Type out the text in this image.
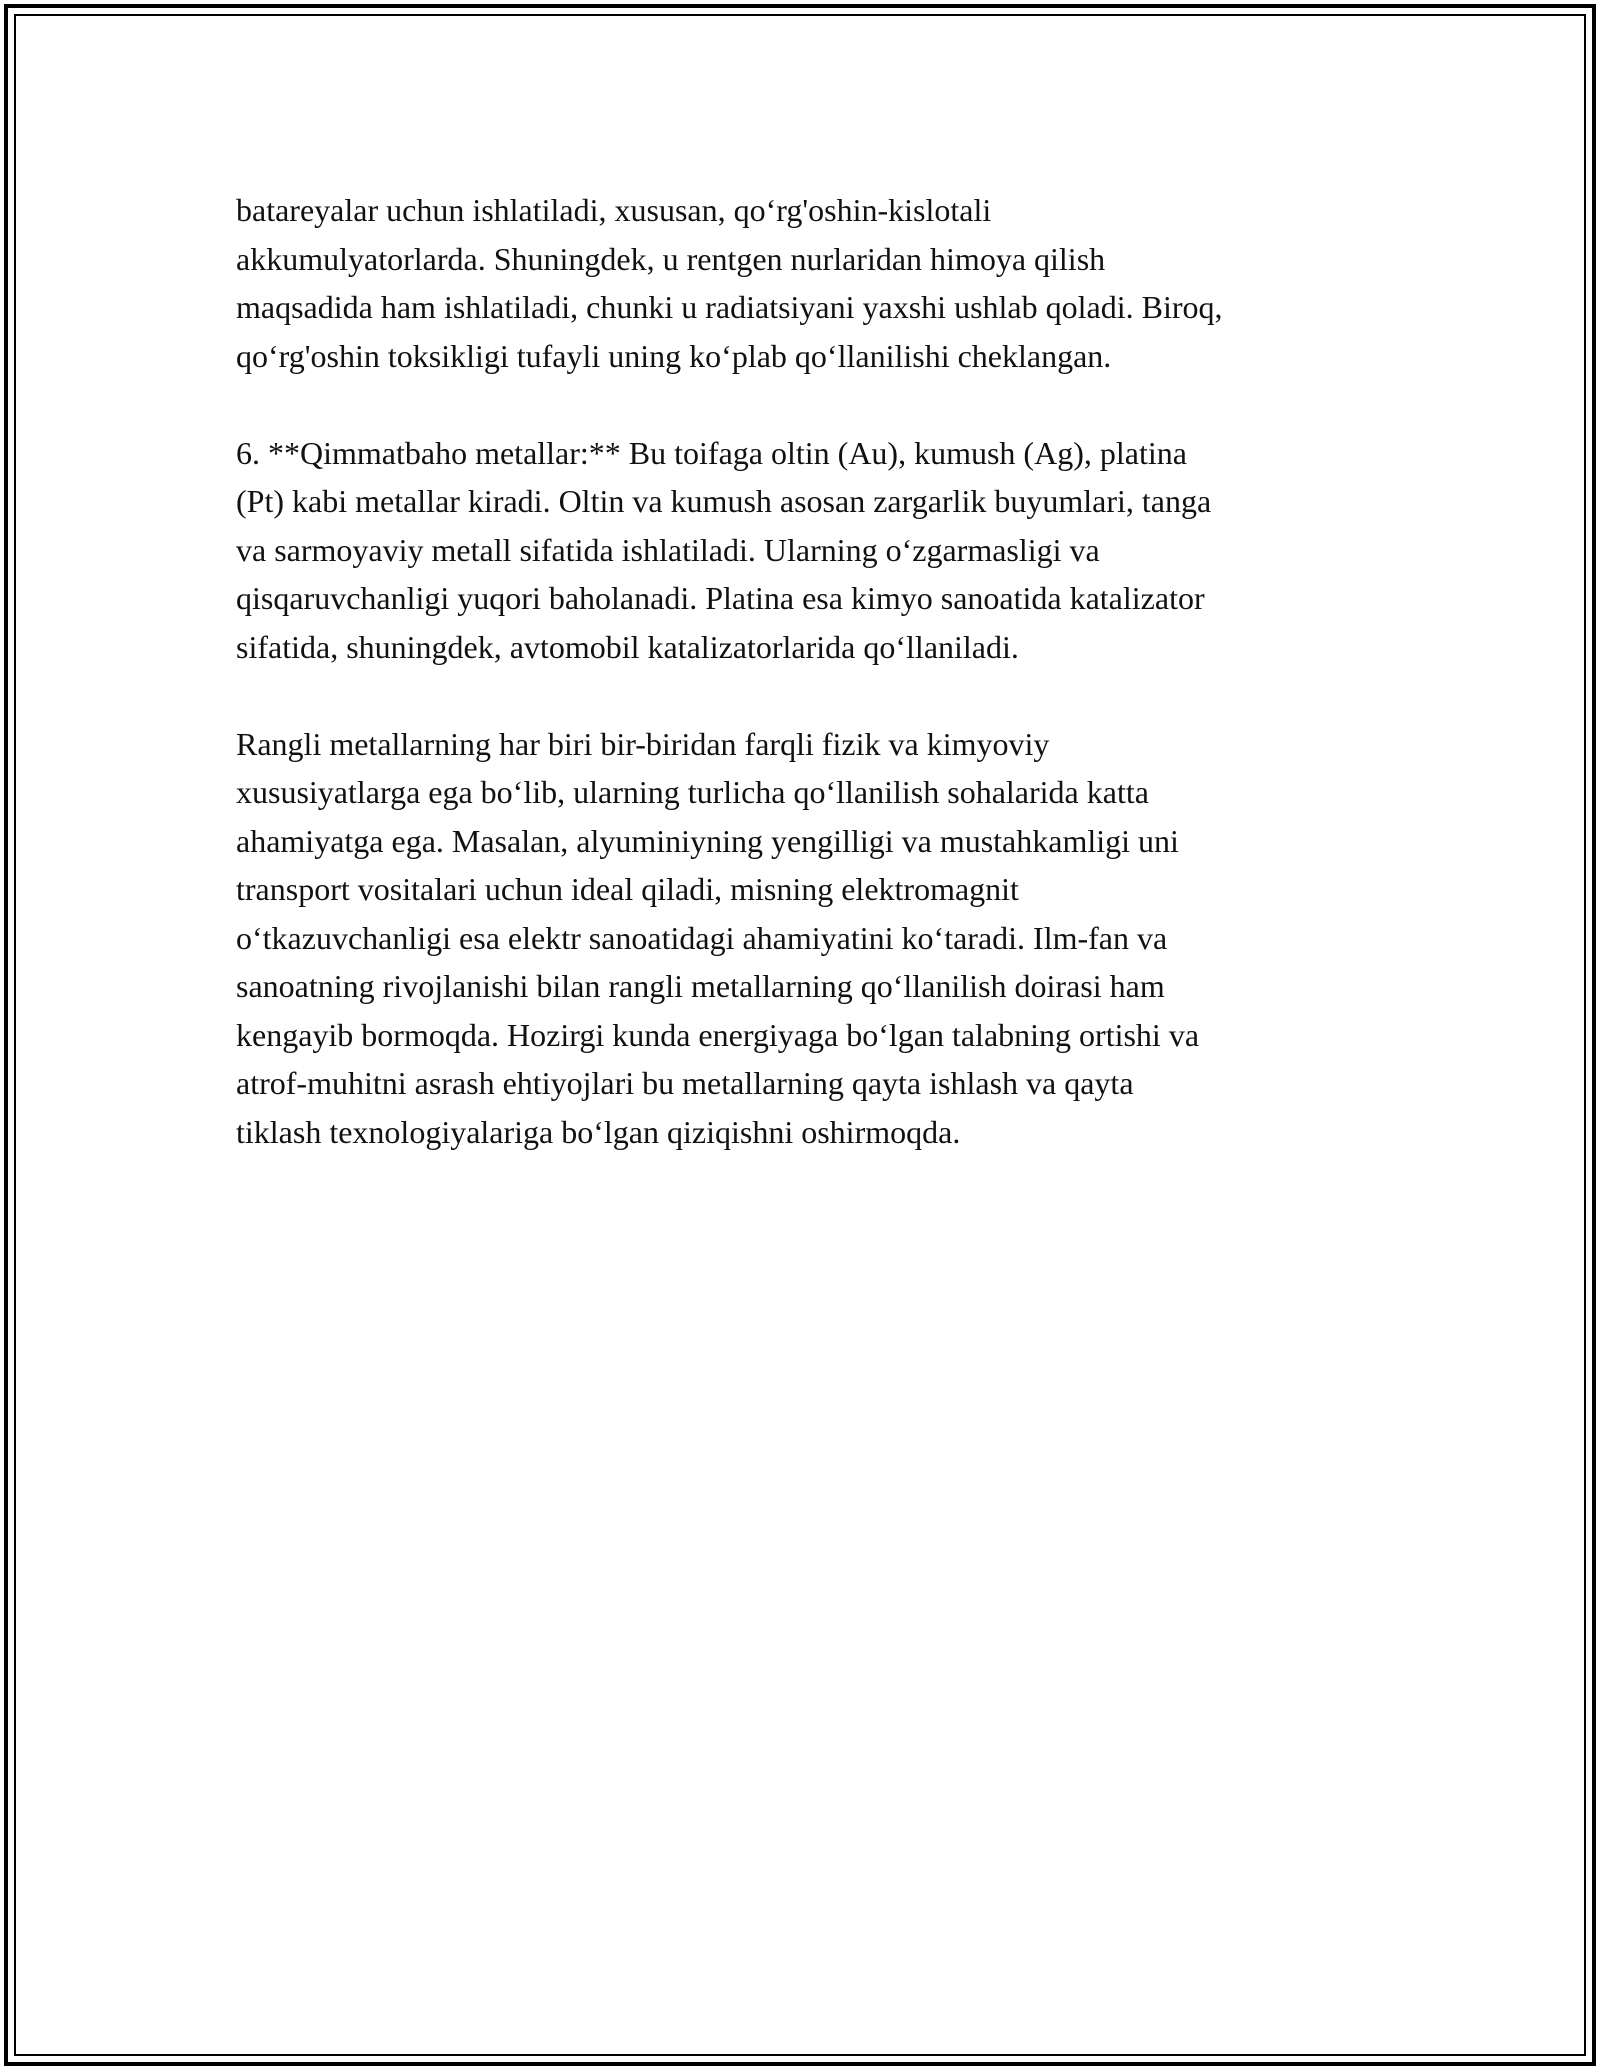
batareyalar uchun ishlatiladi, xususan, qo‘rg'oshin-kislotali
akkumulyatorlarda. Shuningdek, u rentgen nurlaridan himoya qilish
maqsadida ham ishlatiladi, chunki u radiatsiyani yaxshi ushlab qoladi. Biroq,
qo‘rg'oshin toksikligi tufayli uning ko‘plab qo‘llanilishi cheklangan.
6. **Qimmatbaho metallar:** Bu toifaga oltin (Au), kumush (Ag), platina
(Pt) kabi metallar kiradi. Oltin va kumush asosan zargarlik buyumlari, tanga
va sarmoyaviy metall sifatida ishlatiladi. Ularning o‘zgarmasligi va
qisqaruvchanligi yuqori baholanadi. Platina esa kimyo sanoatida katalizator
sifatida, shuningdek, avtomobil katalizatorlarida qo‘llaniladi.
Rangli metallarning har biri bir-biridan farqli fizik va kimyoviy
xususiyatlarga ega bo‘lib, ularning turlicha qo‘llanilish sohalarida katta
ahamiyatga ega. Masalan, alyuminiyning yengilligi va mustahkamligi uni
transport vositalari uchun ideal qiladi, misning elektromagnit
o‘tkazuvchanligi esa elektr sanoatidagi ahamiyatini ko‘taradi. Ilm-fan va
sanoatning rivojlanishi bilan rangli metallarning qo‘llanilish doirasi ham
kengayib bormoqda. Hozirgi kunda energiyaga bo‘lgan talabning ortishi va
atrof-muhitni asrash ehtiyojlari bu metallarning qayta ishlash va qayta
tiklash texnologiyalariga bo‘lgan qiziqishni oshirmoqda.
